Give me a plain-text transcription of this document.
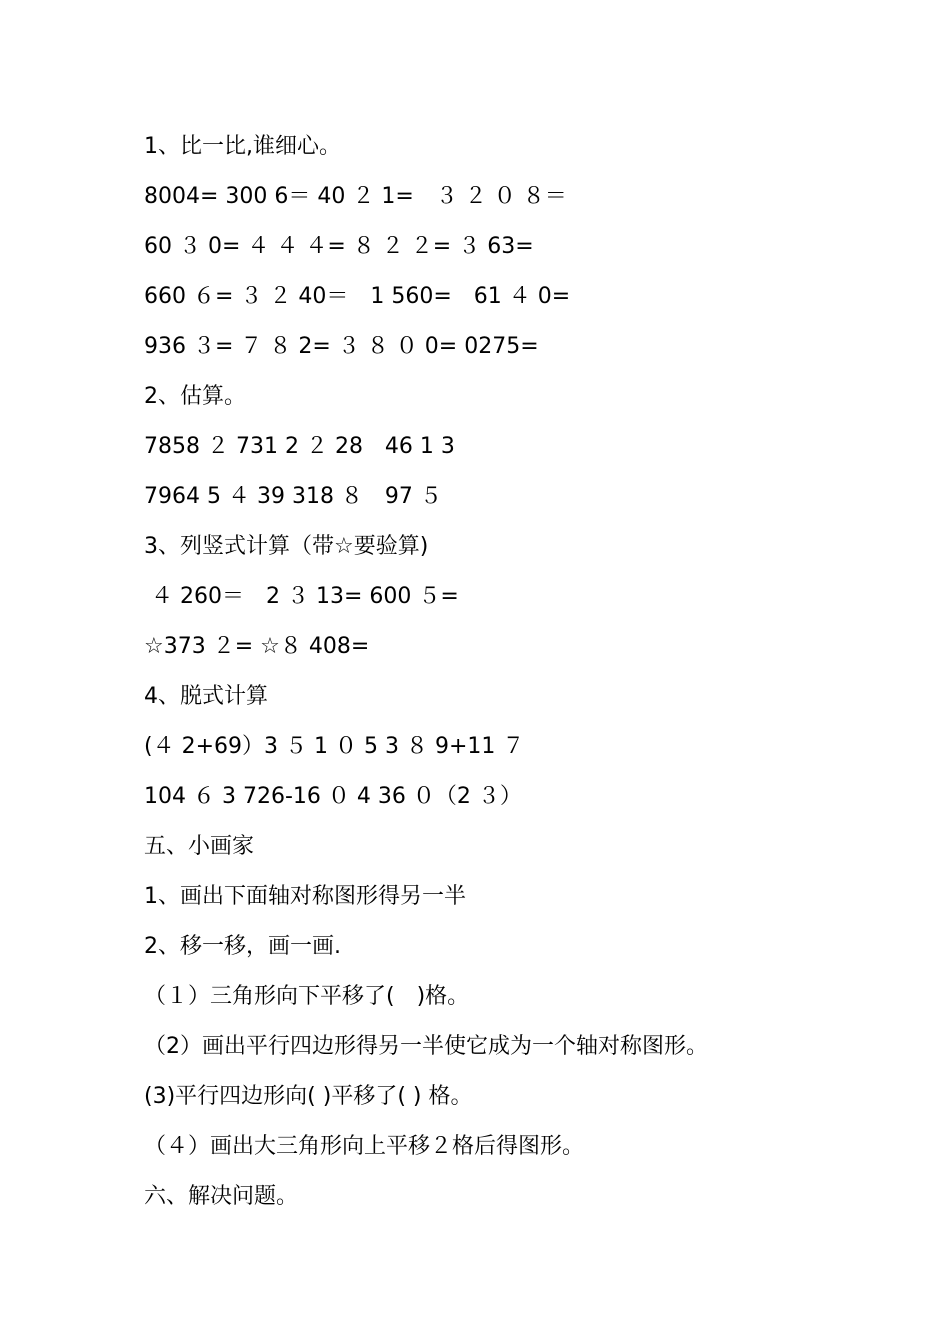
1、比一比,谁细心。
8004= 300 6＝ 40 ２ 1=　３ ２ ０ ８＝
60 ３ 0= ４ ４ ４= ８ ２ ２= ３ 63=
660 ６= ３ ２ 40＝　1 560=　61 ４ 0=
936 ３= ７ ８ 2= ３ ８ ０ 0= 0275=
2、估算。
7858 ２ 731 2 ２ 28　46 1 3
7964 5 ４ 39 318 ８　97 ５
3、列竖式计算（带☆要验算)
４ 260＝　2 ３ 13= 600 ５=
☆373 ２= ☆８ 408=
4、脱式计算
(４ 2+69）3 ５ 1 ０ 5 3 ８ 9+11 ７
104 ６ 3 726-16 ０ 4 36 ０（2 ３）
五、小画家
1、画出下面轴对称图形得另一半
2、移一移，画一画.
（１）三角形向下平移了(　)格。
（2）画出平行四边形得另一半使它成为一个轴对称图形。
(3)平行四边形向( )平移了( ) 格。
（４）画出大三角形向上平移２格后得图形。
六、解决问题。
